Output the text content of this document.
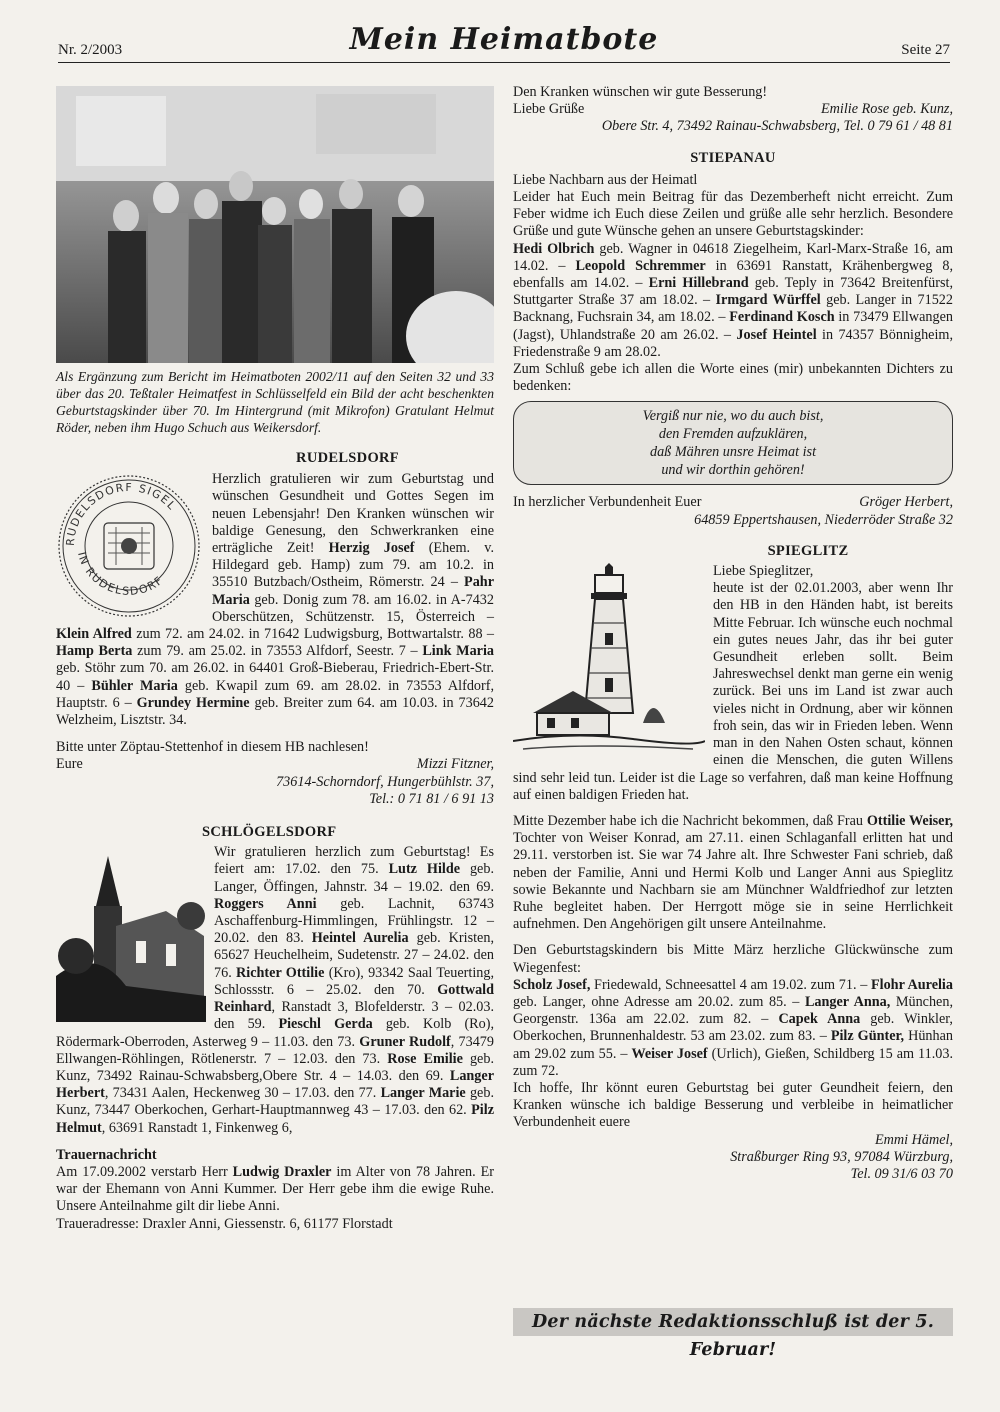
Nr. 2/2003	Mein Heimatbote	Seite 27

Als Ergänzung zum Bericht im Heimatboten 2002/11 auf den Seiten 32 und 33 über das 20. Teßtaler Heimatfest in Schlüsselfeld ein Bild der acht beschenkten Geburtstagskinder über 70. Im Hintergrund (mit Mikrofon) Gratulant Helmut Röder, neben ihm Hugo Schuch aus Weikersdorf.

RUDELSDORF

RUDELSDORF SIGEL
IN RUDELSDORF

Herzlich gratulieren wir zum Geburtstag und wünschen Gesundheit und Gottes Segen im neuen Lebensjahr! Den Kranken wünschen wir baldige Genesung, den Schwerkranken eine erträgliche Zeit! Herzig Josef (Ehem. v. Hildegard geb. Hamp) zum 79. am 10.2. in 35510 Butzbach/Ostheim, Römerstr. 24 – Pahr Maria geb. Donig zum 78. am 16.02. in A-7432 Oberschützen, Schützenstr. 15, Österreich – Klein Alfred zum 72. am 24.02. in 71642 Ludwigsburg, Bottwartalstr. 88 – Hamp Berta zum 79. am 25.02. in 73553 Alfdorf, Seestr. 7 – Link Maria geb. Stöhr zum 70. am 26.02. in 64401 Groß-Bieberau, Friedrich-Ebert-Str. 40 – Bühler Maria geb. Kwapil zum 69. am 28.02. in 73553 Alfdorf, Hauptstr. 6 – Grundey Hermine geb. Breiter zum 64. am 10.03. in 73642 Welzheim, Lisztstr. 34.

Bitte unter Zöptau-Stettenhof in diesem HB nachlesen!

Eure	Mizzi Fitzner,

73614-Schorndorf, Hungerbühlstr. 37,

Tel.: 0 71 81 / 6 91 13

SCHLÖGELSDORF

Wir gratulieren herzlich zum Geburtstag! Es feiert am: 17.02. den 75. Lutz Hilde geb. Langer, Öffingen, Jahnstr. 34 – 19.02. den 69. Roggers Anni geb. Lachnit, 63743 Aschaffenburg-Himmlingen, Frühlingstr. 12 – 20.02. den 83. Heintel Aurelia geb. Kristen, 65627 Heuchelheim, Sudetenstr. 27 – 24.02. den 76. Richter Ottilie (Kro), 93342 Saal Teuerting, Schlossstr. 6 – 25.02. den 70. Gottwald Reinhard, Ranstadt 3, Blofelderstr. 3 – 02.03. den 59. Pieschl Gerda geb. Kolb (Ro), Rödermark-Oberroden, Asterweg 9 – 11.03. den 73. Gruner Rudolf, 73479 Ellwangen-Röhlingen, Rötlenerstr. 7 – 12.03. den 73. Rose Emilie geb. Kunz, 73492 Rainau-Schwabsberg,Obere Str. 4 – 14.03. den 69. Langer Herbert, 73431 Aalen, Heckenweg 30 – 17.03. den 77. Langer Marie geb. Kunz, 73447 Oberkochen, Gerhart-Hauptmannweg 43 – 17.03. den 62. Pilz Helmut, 63691 Ranstadt 1, Finkenweg 6,

Trauernachricht

Am 17.09.2002 verstarb Herr Ludwig Draxler im Alter von 78 Jahren. Er war der Ehemann von Anni Kummer. Der Herr gebe ihm die ewige Ruhe. Unsere Anteilnahme gilt dir liebe Anni.

Traueradresse: Draxler Anni, Giessenstr. 6, 61177 Florstadt

Den Kranken wünschen wir gute Besserung!

Liebe Grüße	Emilie Rose geb. Kunz,

Obere Str. 4, 73492 Rainau-Schwabsberg, Tel. 0 79 61 / 48 81

STIEPANAU

Liebe Nachbarn aus der Heimatl

Leider hat Euch mein Beitrag für das Dezemberheft nicht erreicht. Zum Feber widme ich Euch diese Zeilen und grüße alle sehr herzlich. Besondere Grüße und gute Wünsche gehen an unsere Geburtstagskinder:

Hedi Olbrich geb. Wagner in 04618 Ziegelheim, Karl-Marx-Straße 16, am 14.02. – Leopold Schremmer in 63691 Ranstatt, Krähenbergweg 8, ebenfalls am 14.02. – Erni Hillebrand geb. Teply in 73642 Breitenfürst, Stuttgarter Straße 37 am 18.02. – Irmgard Würffel geb. Langer in 71522 Backnang, Fuchsrain 34, am 18.02. – Ferdinand Kosch in 73479 Ellwangen (Jagst), Uhlandstraße 20 am 26.02. – Josef Heintel in 74357 Bönnigheim, Friedenstraße 9 am 28.02.

Zum Schluß gebe ich allen die Worte eines (mir) unbekannten Dichters zu bedenken:

Vergiß nur nie, wo du auch bist,
den Fremden aufzuklären,
daß Mähren unsre Heimat ist
und wir dorthin gehören!
In herzlicher Verbundenheit Euer	Gröger Herbert,

64859 Eppertshausen, Niederröder Straße 32

SPIEGLITZ

Liebe Spieglitzer,

heute ist der 02.01.2003, aber wenn Ihr den HB in den Händen habt, ist bereits Mitte Februar. Ich wünsche euch nochmal ein gutes neues Jahr, das ihr bei guter Gesundheit erleben sollt. Beim Jahreswechsel denkt man gerne ein wenig zurück. Bei uns im Land ist zwar auch vieles nicht in Ordnung, aber wir können froh sein, das wir in Frieden leben. Wenn man in den Nahen Osten schaut, können einen die Menschen, die guten Willens sind sehr leid tun. Leider ist die Lage so verfahren, daß man keine Hoffnung auf einen baldigen Frieden hat.

Mitte Dezember habe ich die Nachricht bekommen, daß Frau Ottilie Weiser, Tochter von Weiser Konrad, am 27.11. einen Schlaganfall erlitten hat und 29.11. verstorben ist. Sie war 74 Jahre alt. Ihre Schwester Fani schrieb, daß neben der Familie, Anni und Hermi Kolb und Langer Anni aus Spieglitz sowie Bekannte und Nachbarn sie am Münchner Waldfriedhof zur letzten Ruhe begleitet haben. Der Herrgott möge sie in seine Herrlichkeit aufnehmen. Den Angehörigen gilt unsere Anteilnahme.

Den Geburtstagskindern bis Mitte März herzliche Glückwünsche zum Wiegenfest:

Scholz Josef, Friedewald, Schneesattel 4 am 19.02. zum 71. – Flohr Aurelia geb. Langer, ohne Adresse am 20.02. zum 85. – Langer Anna, München, Georgenstr. 136a am 22.02. zum 82. – Capek Anna geb. Winkler, Oberkochen, Brunnenhaldestr. 53 am 23.02. zum 83. – Pilz Günter, Hünhan am 29.02 zum 55. – Weiser Josef (Urlich), Gießen, Schildberg 15 am 11.03. zum 72.

Ich hoffe, Ihr könnt euren Geburtstag bei guter Geundheit feiern, den Kranken wünsche ich baldige Besserung und verbleibe in heimatlicher Verbundenheit euere

Emmi Hämel,

Straßburger Ring 93, 97084 Würzburg,

Tel. 09 31/6 03 70

Der nächste Redaktionsschluß ist der 5. Februar!
